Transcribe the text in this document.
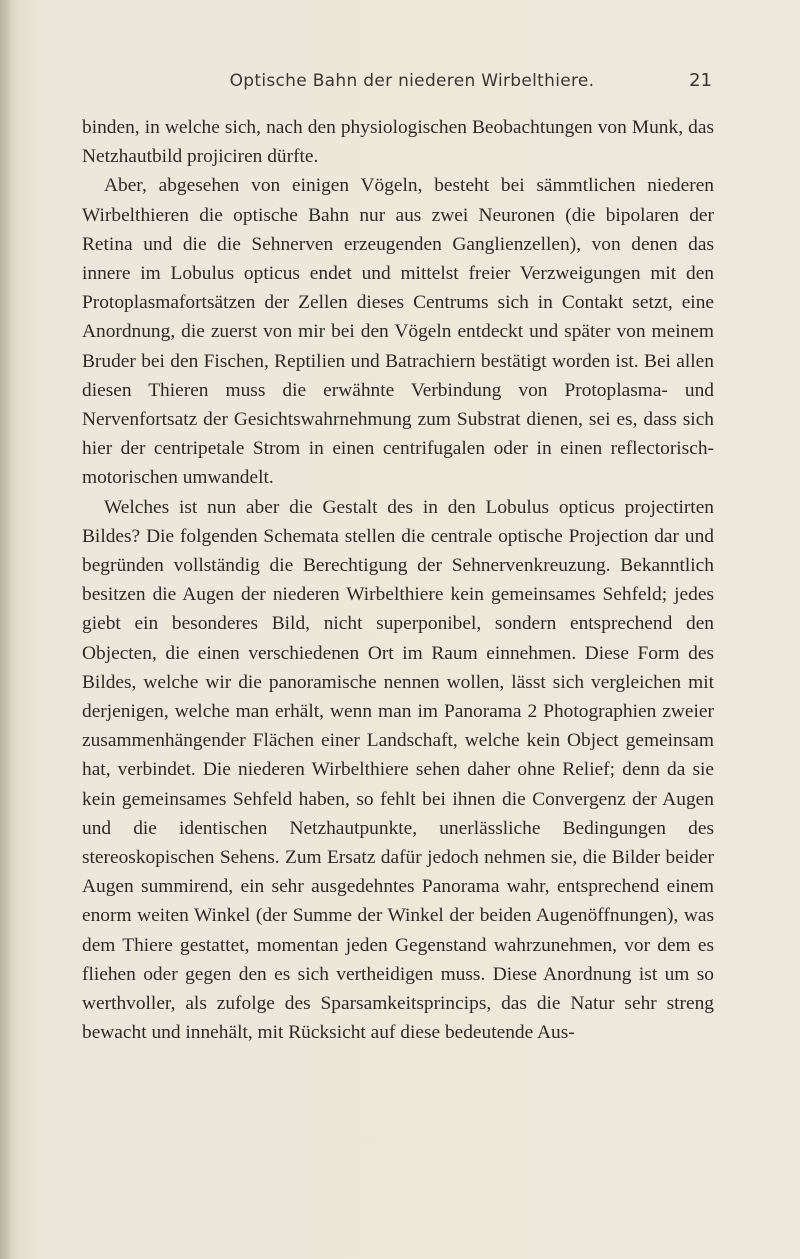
Optische Bahn der niederen Wirbelthiere.	21

binden, in welche sich, nach den physiologischen Beobachtungen von Munk, das Netzhautbild projiciren dürfte.

Aber, abgesehen von einigen Vögeln, besteht bei sämmtlichen niederen Wirbelthieren die optische Bahn nur aus zwei Neuronen (die bipolaren der Retina und die die Sehnerven erzeugenden Ganglienzellen), von denen das innere im Lobulus opticus endet und mittelst freier Verzweigungen mit den Protoplasmafortsätzen der Zellen dieses Centrums sich in Contakt setzt, eine Anordnung, die zuerst von mir bei den Vögeln entdeckt und später von meinem Bruder bei den Fischen, Reptilien und Batrachiern bestätigt worden ist. Bei allen diesen Thieren muss die erwähnte Verbindung von Protoplasma- und Nervenfortsatz der Gesichtswahrnehmung zum Substrat dienen, sei es, dass sich hier der centripetale Strom in einen centrifugalen oder in einen reflectorisch-motorischen umwandelt.

Welches ist nun aber die Gestalt des in den Lobulus opticus projectirten Bildes? Die folgenden Schemata stellen die centrale optische Projection dar und begründen vollständig die Berechtigung der Sehnervenkreuzung. Bekanntlich besitzen die Augen der niederen Wirbelthiere kein gemeinsames Sehfeld; jedes giebt ein besonderes Bild, nicht superponibel, sondern entsprechend den Objecten, die einen verschiedenen Ort im Raum einnehmen. Diese Form des Bildes, welche wir die panoramische nennen wollen, lässt sich vergleichen mit derjenigen, welche man erhält, wenn man im Panorama 2 Photographien zweier zusammenhängender Flächen einer Landschaft, welche kein Object gemeinsam hat, verbindet. Die niederen Wirbelthiere sehen daher ohne Relief; denn da sie kein gemeinsames Sehfeld haben, so fehlt bei ihnen die Convergenz der Augen und die identischen Netzhautpunkte, unerlässliche Bedingungen des stereoskopischen Sehens. Zum Ersatz dafür jedoch nehmen sie, die Bilder beider Augen summirend, ein sehr ausgedehntes Panorama wahr, entsprechend einem enorm weiten Winkel (der Summe der Winkel der beiden Augenöffnungen), was dem Thiere gestattet, momentan jeden Gegenstand wahrzunehmen, vor dem es fliehen oder gegen den es sich vertheidigen muss. Diese Anordnung ist um so werthvoller, als zufolge des Sparsamkeitsprincips, das die Natur sehr streng bewacht und innehält, mit Rücksicht auf diese bedeutende Aus-
